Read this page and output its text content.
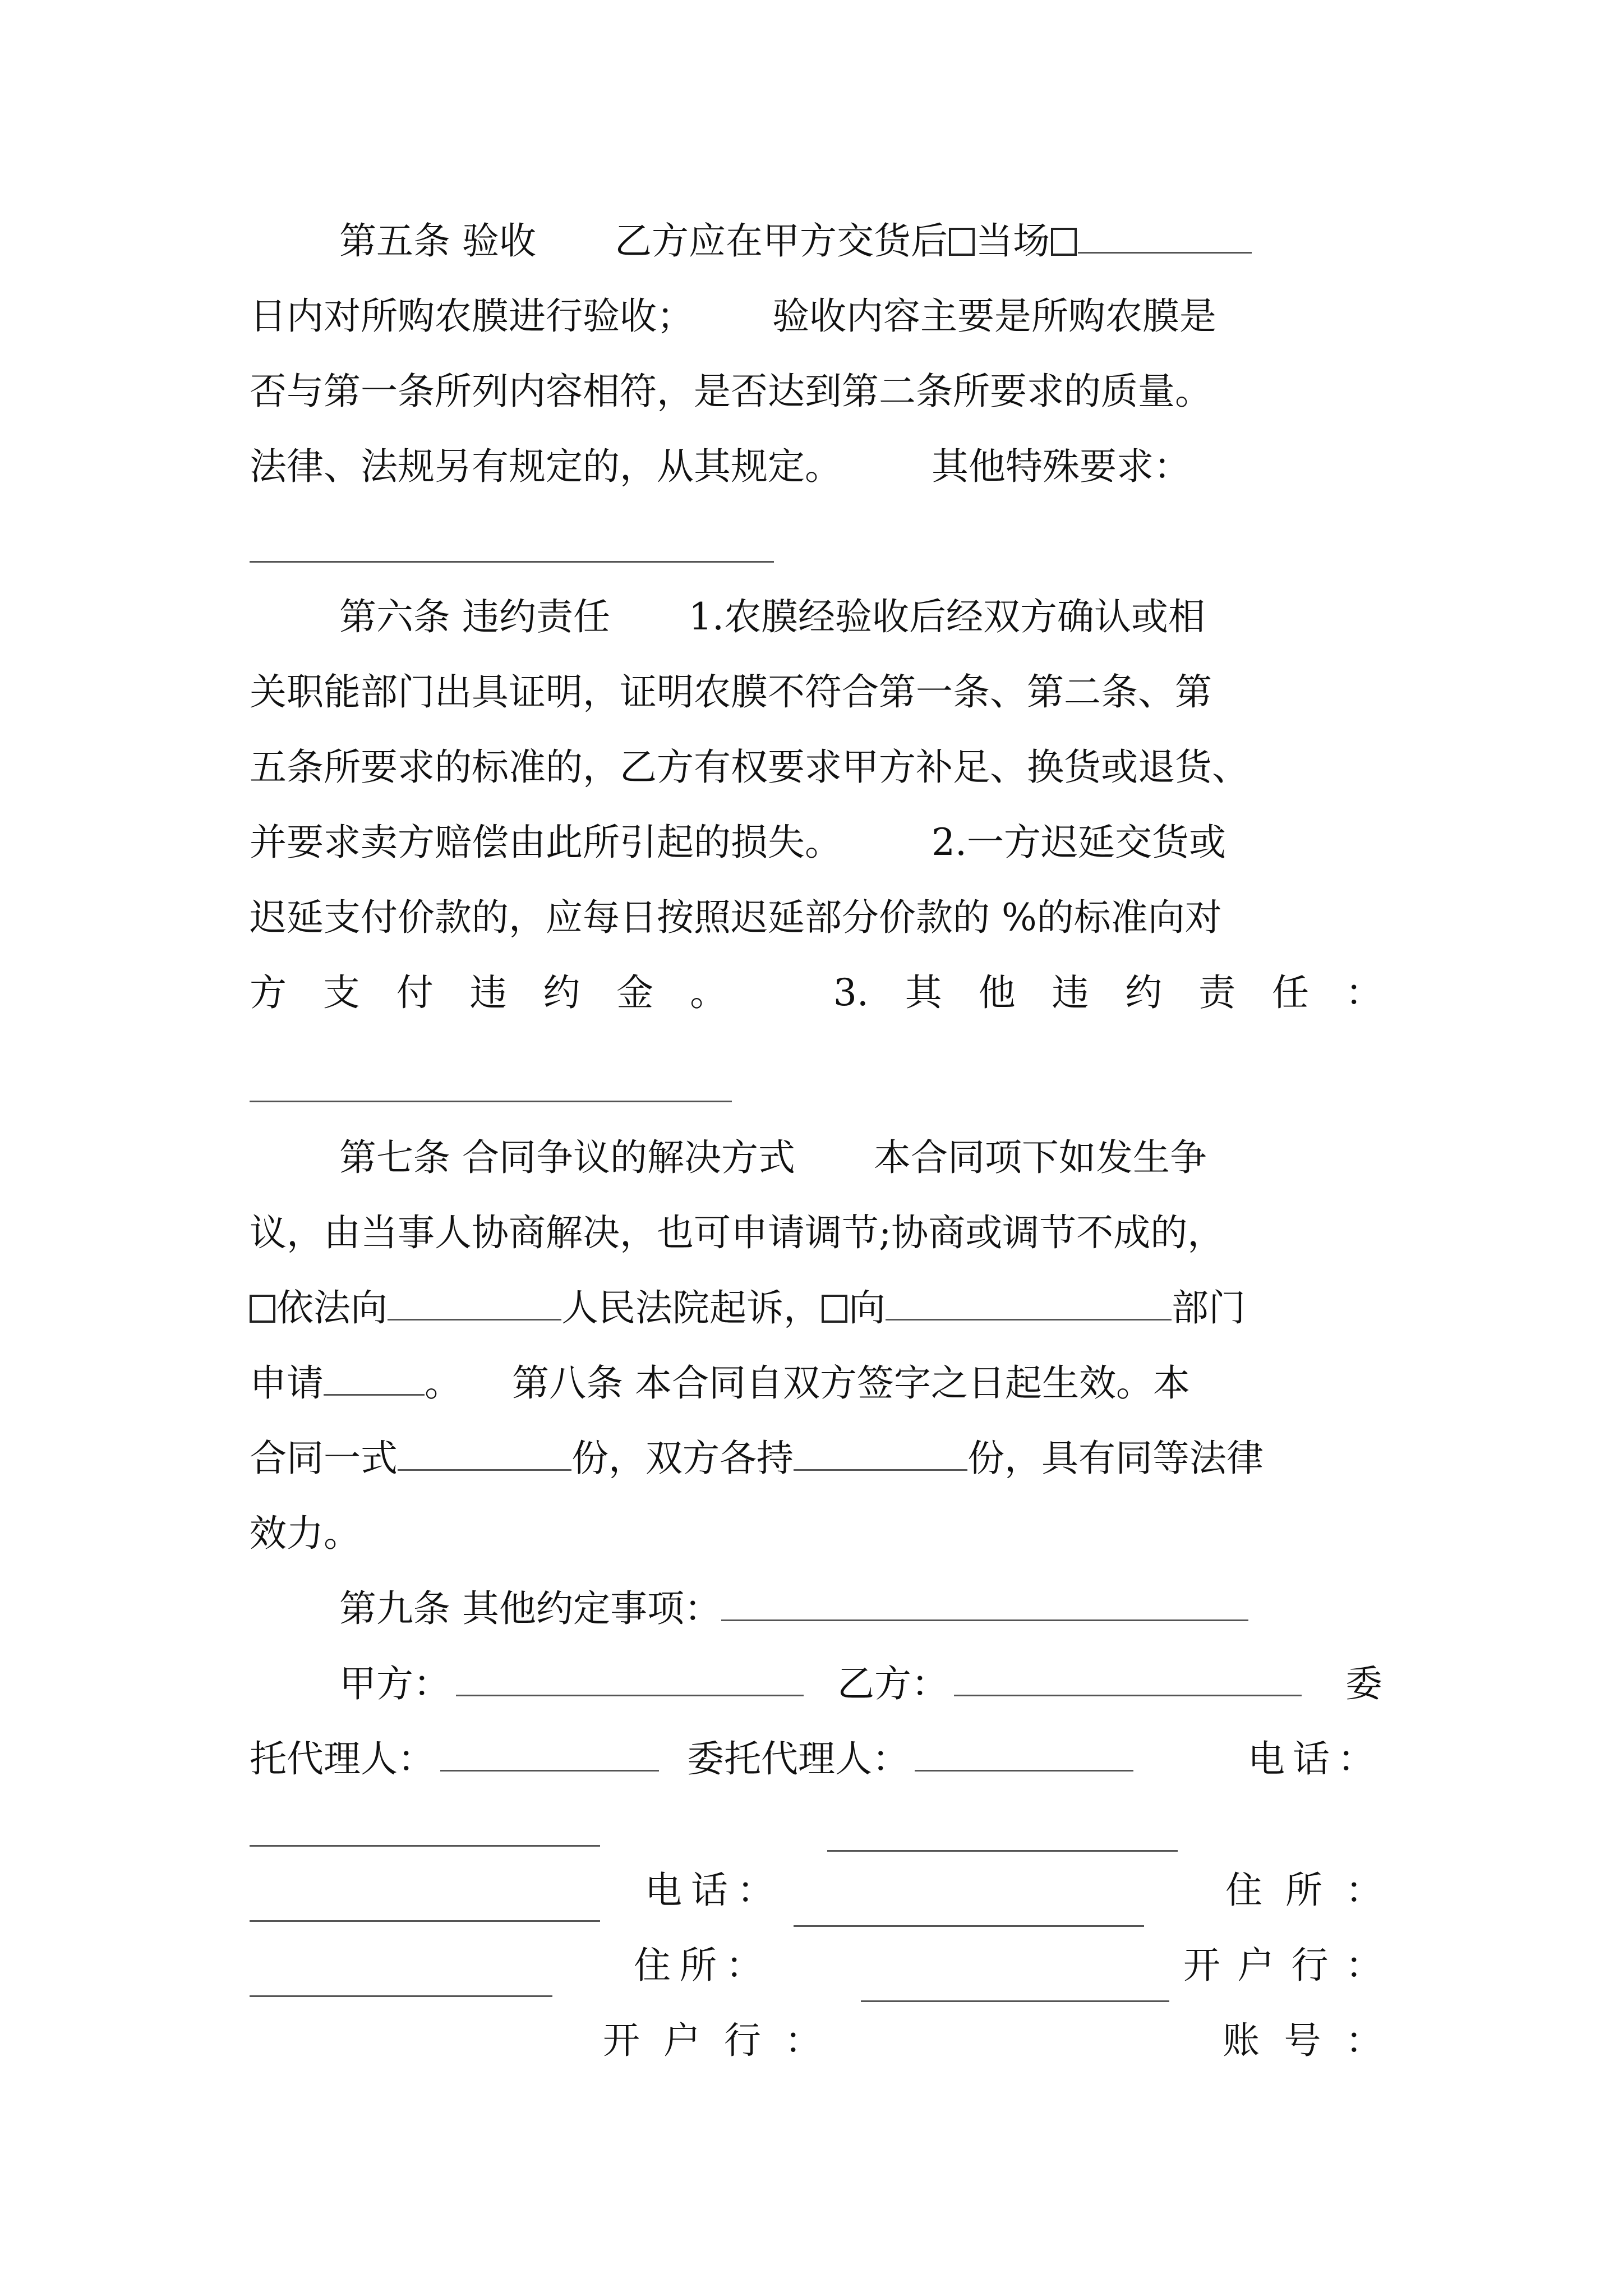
第五条 验收 乙方应在甲方交货后 当场
日内对所购农膜进行验收； 验收内容主要是所购农膜是
否与第一条所列内容相符，是否达到第二条所要求的质量。
法律、法规另有规定的，从其规定。 其他特殊要求：
第六条 违约责任 1.农膜经验收后经双方确认或相
关职能部门出具证明，证明农膜不符合第一条、第二条、第
五条所要求的标准的，乙方有权要求甲方补足、换货或退货、
并要求卖方赔偿由此所引起的损失。 2.一方迟延交货或
迟延支付价款的，应每日按照迟延部分价款的 %的标准向对
方 支 付 违 约 金 。	3. 其 他 违 约 责 任 ：
第七条 合同争议的解决方式 本合同项下如发生争
议，由当事人协商解决，也可申请调节;协商或调节不成的，
依法向	人民法院起诉， 向	部门
申请	。 第八条 本合同自双方签字之日起生效。本
合同一式	份，双方各持	份，具有同等法律
效力。
第九条 其他约定事项：
甲方：	乙方：	委
托代理人：	委托代理人：	电话：
电 话 ：	住 所 ：
住 所 ：	开 户 行 ：
开 户 行 ：	账 号 ：
